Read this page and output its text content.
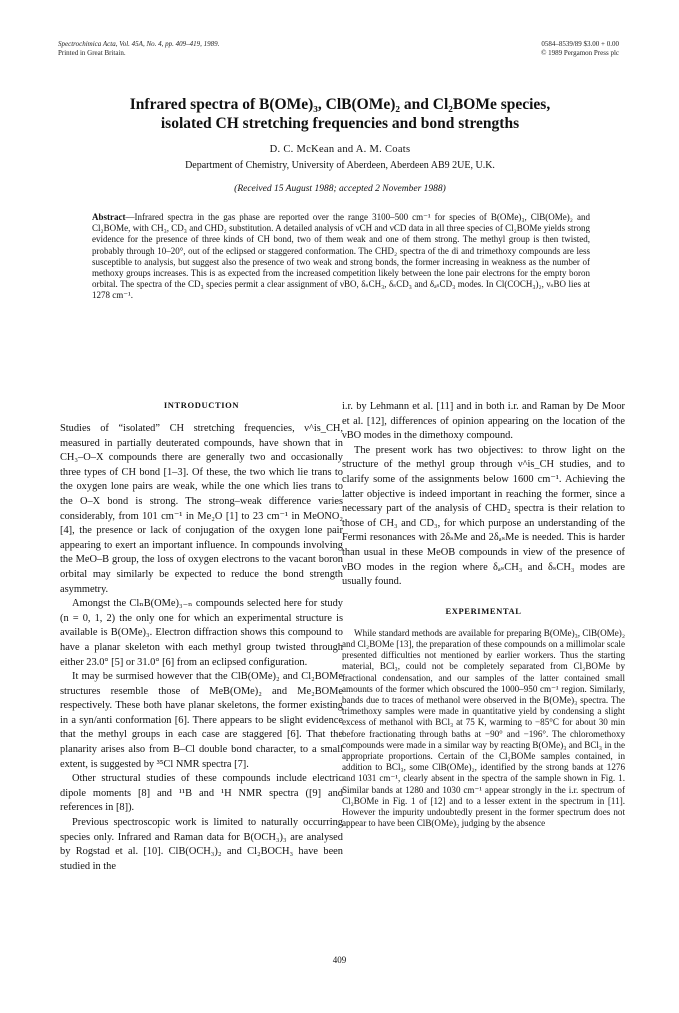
Spectrochimica Acta, Vol. 45A, No. 4, pp. 409–419, 1989.
Printed in Great Britain.
0584–8539/89 $3.00 + 0.00
© 1989 Pergamon Press plc
Infrared spectra of B(OMe)₃, ClB(OMe)₂ and Cl₂BOMe species,
isolated CH stretching frequencies and bond strengths
D. C. McKean and A. M. Coats
Department of Chemistry, University of Aberdeen, Aberdeen AB9 2UE, U.K.
(Received 15 August 1988; accepted 2 November 1988)
Abstract—Infrared spectra in the gas phase are reported over the range 3100–500 cm⁻¹ for species of B(OMe)₃, ClB(OMe)₂ and Cl₂BOMe, with CH₃, CD₃ and CHD₂ substitution. A detailed analysis of νCH and νCD data in all three species of Cl₂BOMe yields strong evidence for the presence of three kinds of CH bond, two of them weak and one of them strong. The methyl group is then twisted, probably through 10–20°, out of the eclipsed or staggered conformation. The CHD₂ spectra of the di and trimethoxy compounds are less susceptible to analysis, but suggest also the presence of two weak and strong bonds, the former increasing in weakness as the number of methoxy groups increases. This is as expected from the increased competition likely between the lone pair electrons for the empty boron orbital. The spectra of the CD₃ species permit a clear assignment of νBO, δₛCH₃, δₛCD₃ and δₐₛCD₃ modes. In Cl(COCH₃)₂, νₛBO lies at 1278 cm⁻¹.
INTRODUCTION

Studies of “isolated” CH stretching frequencies, ν^is_CH, measured in partially deuterated compounds, have shown that in CH₃–O–X compounds there are generally two and occasionally three types of CH bond [1–3]. Of these, the two which lie trans to the oxygen lone pairs are weak, while the one which lies trans to the O–X bond is strong. The strong–weak difference varies considerably, from 101 cm⁻¹ in Me₂O [1] to 23 cm⁻¹ in MeONO₂ [4], the presence or lack of conjugation of the oxygen lone pair appearing to exert an important influence. In compounds involving the MeO–B group, the loss of oxygen electrons to the vacant boron orbital may similarly be expected to reduce the bond strength asymmetry.

Amongst the ClₙB(OMe)₃₋ₙ compounds selected here for study (n = 0, 1, 2) the only one for which an experimental structure is available is B(OMe)₃. Electron diffraction shows this compound to have a planar skeleton with each methyl group twisted through either 23.0° [5] or 31.0° [6] from an eclipsed configuration.

It may be surmised however that the ClB(OMe)₂ and Cl₂BOMe structures resemble those of MeB(OMe)₂ and Me₂BOMe respectively. These both have planar skeletons, the former existing in a syn/anti conformation [6]. There appears to be slight evidence that the methyl groups in each case are staggered [6]. That the planarity arises also from B–Cl double bond character, to a small extent, is suggested by ³⁵Cl NMR spectra [7].

Other structural studies of these compounds include electric dipole moments [8] and ¹¹B and ¹H NMR spectra ([9] and references in [8]).

Previous spectroscopic work is limited to naturally occurring species only. Infrared and Raman data for B(OCH₃)₃ are analysed by Rogstad et al. [10]. ClB(OCH₃)₂ and Cl₂BOCH₃ have been studied in the

i.r. by Lehmann et al. [11] and in both i.r. and Raman by De Moor et al. [12], differences of opinion appearing on the location of the νBO modes in the dimethoxy compound.

The present work has two objectives: to throw light on the structure of the methyl group through ν^is_CH studies, and to clarify some of the assignments below 1600 cm⁻¹. Achieving the latter objective is indeed important in reaching the former, since a necessary part of the analysis of CHD₂ spectra is their relation to those of CH₃ and CD₃, for which purpose an understanding of the Fermi resonances with 2δₛMe and 2δₐₛMe is needed. This is harder than usual in these MeOB compounds in view of the presence of νBO modes in the region where δₐₛCH₃ and δₛCH₃ modes are usually found.

EXPERIMENTAL

While standard methods are available for preparing B(OMe)₃, ClB(OMe)₂ and Cl₂BOMe [13], the preparation of these compounds on a millimolar scale presented difficulties not mentioned by earlier workers. Thus the starting material, BCl₃, could not be completely separated from Cl₂BOMe by fractional condensation, and our samples of the latter contained small amounts of the former which obscured the 1000–950 cm⁻¹ region. Similarly, bands due to traces of methanol were observed in the B(OMe)₃ spectra. The trimethoxy samples were made in quantitative yield by condensing a slight excess of methanol with BCl₃ at 75 K, warming to −85°C for about 30 min before fractionating through baths at −90° and −196°. The chloromethoxy compounds were made in a similar way by reacting B(OMe)₃ and BCl₃ in the appropriate proportions. Certain of the Cl₂BOMe samples contained, in addition to BCl₃, some ClB(OMe)₂, identified by the strong bands at 1276 and 1031 cm⁻¹, clearly absent in the spectra of the sample shown in Fig. 1. Similar bands at 1280 and 1030 cm⁻¹ appear strongly in the i.r. spectrum of Cl₂BOMe in Fig. 1 of [12] and to a lesser extent in the spectrum in [11]. However the impurity undoubtedly present in the former spectrum does not appear to have been ClB(OMe)₂ judging by the absence

409
